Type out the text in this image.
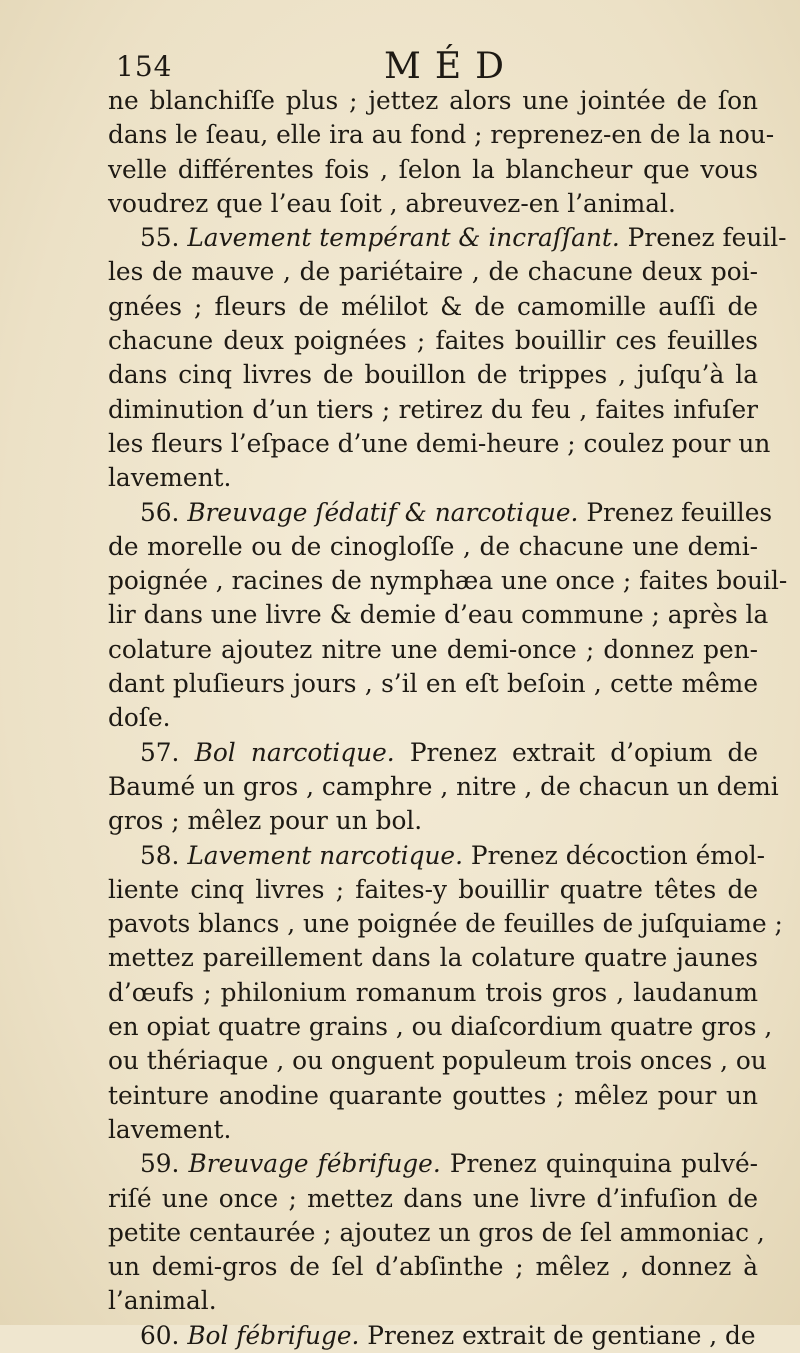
154	MÉD
ne blanchiſſe plus ; jettez alors une jointée de ſon
dans le ſeau, elle ira au fond ; reprenez-en de la nou-
velle différentes fois , ſelon la blancheur que vous
voudrez que l’eau ſoit , abreuvez-en l’animal.
55. Lavement tempérant & incraſſant. Prenez feuil-
les de mauve , de pariétaire , de chacune deux poi-
gnées ; fleurs de mélilot & de camomille auſſi de
chacune deux poignées ; faites bouillir ces feuilles
dans cinq livres de bouillon de trippes , juſqu’à la
diminution d’un tiers ; retirez du feu , faites infuſer
les fleurs l’eſpace d’une demi-heure ; coulez pour un
lavement.
56. Breuvage ſédatif & narcotique. Prenez feuilles
de morelle ou de cinogloſſe , de chacune une demi-
poignée , racines de nymphæa une once ; faites bouil-
lir dans une livre & demie d’eau commune ; après la
colature ajoutez nitre une demi-once ; donnez pen-
dant pluſieurs jours , s’il en eſt beſoin , cette même
doſe.
57. Bol narcotique. Prenez extrait d’opium de
Baumé un gros , camphre , nitre , de chacun un demi
gros ; mêlez pour un bol.
58. Lavement narcotique. Prenez décoction émol-
liente cinq livres ; faites-y bouillir quatre têtes de
pavots blancs , une poignée de feuilles de juſquiame ;
mettez pareillement dans la colature quatre jaunes
d’œufs ; philonium romanum trois gros , laudanum
en opiat quatre grains , ou diaſcordium quatre gros ,
ou thériaque , ou onguent populeum trois onces , ou
teinture anodine quarante gouttes ; mêlez pour un
lavement.
59. Breuvage fébrifuge. Prenez quinquina pulvé-
riſé une once ; mettez dans une livre d’infuſion de
petite centaurée ; ajoutez un gros de ſel ammoniac ,
un demi-gros de ſel d’abſinthe ; mêlez , donnez à
l’animal.
60. Bol fébrifuge. Prenez extrait de gentiane , de
